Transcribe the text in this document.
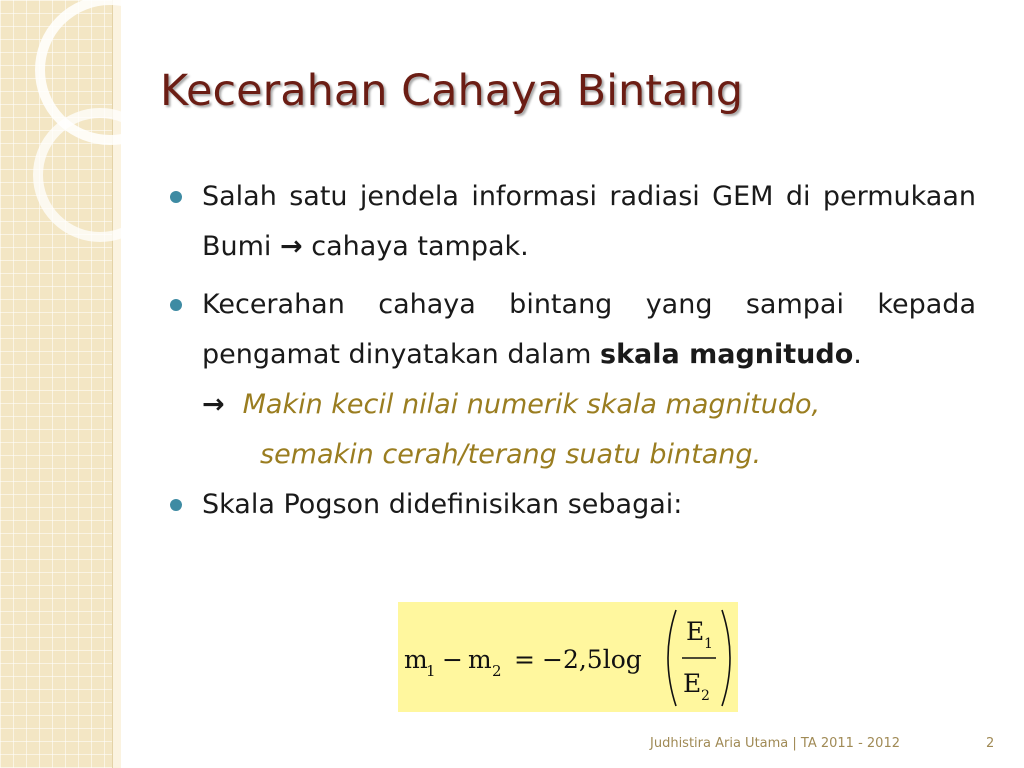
Kecerahan Cahaya Bintang
Salah satu jendela informasi radiasi GEM di permukaan Bumi → cahaya tampak.
Kecerahan cahaya bintang yang sampai kepada pengamat dinyatakan dalam skala magnitudo.
→ Makin kecil nilai numerik skala magnitudo,
semakin cerah/terang suatu bintang.
Skala Pogson didefinisikan sebagai:
m
1 − m 2 = −2,5log
E 1
E 2
Judhistira Aria Utama | TA 2011 - 2012	2
